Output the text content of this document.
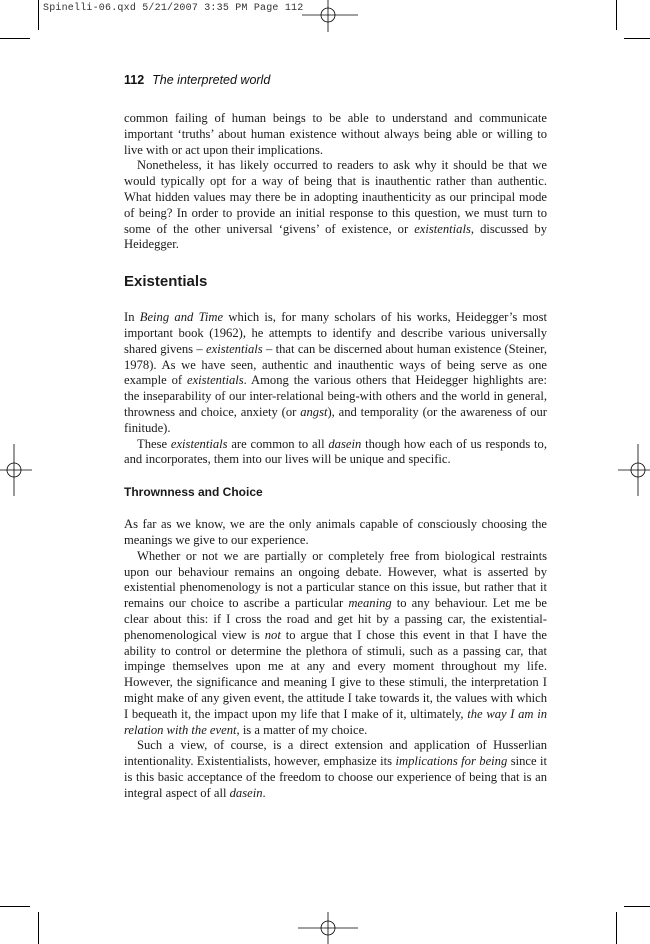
Spinelli-06.qxd 5/21/2007 3:35 PM Page 112
112 The interpreted world

common failing of human beings to be able to understand and communicate important ‘truths’ about human existence without always being able or willing to live with or act upon their implications.

Nonetheless, it has likely occurred to readers to ask why it should be that we would typically opt for a way of being that is inauthentic rather than authentic. What hidden values may there be in adopting inauthenticity as our principal mode of being? In order to provide an initial response to this question, we must turn to some of the other universal ‘givens’ of existence, or existentials, discussed by Heidegger.

Existentials

In Being and Time which is, for many scholars of his works, Heidegger’s most important book (1962), he attempts to identify and describe various universally shared givens – existentials – that can be discerned about human existence (Steiner, 1978). As we have seen, authentic and inauthentic ways of being serve as one example of existentials. Among the various others that Heidegger highlights are: the inseparability of our inter-relational being-with others and the world in general, throwness and choice, anxiety (or angst), and temporality (or the awareness of our finitude).

These existentials are common to all dasein though how each of us responds to, and incorporates, them into our lives will be unique and specific.

Thrownness and Choice

As far as we know, we are the only animals capable of consciously choosing the meanings we give to our experience.

Whether or not we are partially or completely free from biological restraints upon our behaviour remains an ongoing debate. However, what is asserted by existential phenomenology is not a particular stance on this issue, but rather that it remains our choice to ascribe a particular meaning to any behaviour. Let me be clear about this: if I cross the road and get hit by a passing car, the existential-phenomenological view is not to argue that I chose this event in that I have the ability to control or determine the plethora of stimuli, such as a passing car, that impinge themselves upon me at any and every moment throughout my life. However, the significance and meaning I give to these stimuli, the interpretation I might make of any given event, the attitude I take towards it, the values with which I bequeath it, the impact upon my life that I make of it, ultimately, the way I am in relation with the event, is a matter of my choice.

Such a view, of course, is a direct extension and application of Husserlian intentionality. Existentialists, however, emphasize its implications for being since it is this basic acceptance of the freedom to choose our experience of being that is an integral aspect of all dasein.
